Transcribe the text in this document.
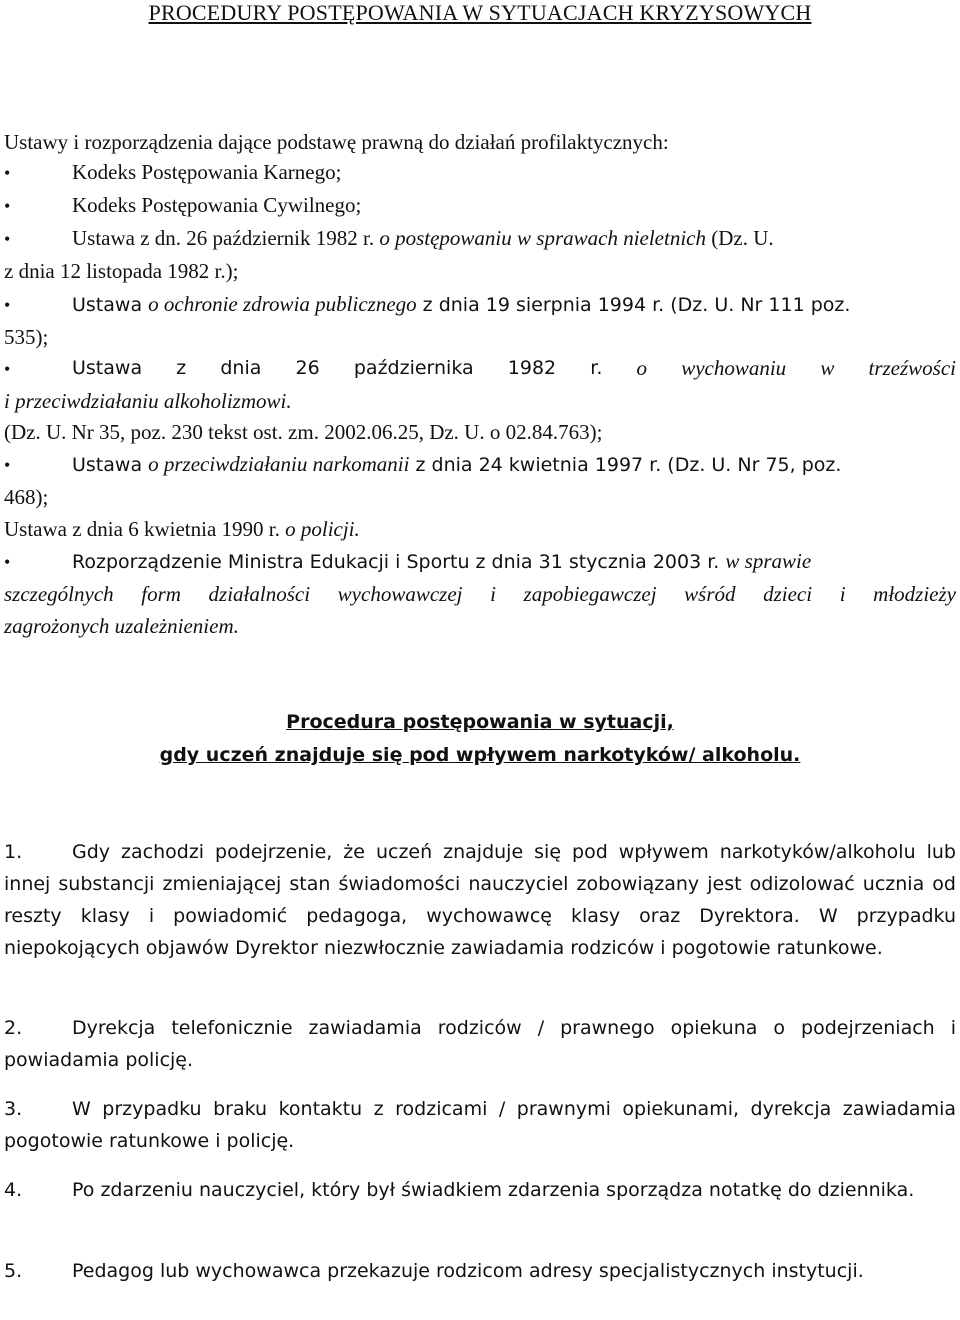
PROCEDURY POSTĘPOWANIA W SYTUACJACH KRYZYSOWYCH
Ustawy i rozporządzenia dające podstawę prawną do działań profilaktycznych:
•	Kodeks Postępowania Karnego;
•	Kodeks Postępowania Cywilnego;
•	Ustawa z dn. 26 październik 1982 r. o postępowaniu w sprawach nieletnich (Dz. U.
z dnia 12 listopada 1982 r.);
•	Ustawa o ochronie zdrowia publicznego z dnia 19 sierpnia 1994 r. (Dz. U. Nr 111 poz.
535);
•	Ustawa z dnia 26 października 1982 r. o wychowaniu w trzeźwości
i przeciwdziałaniu alkoholizmowi.
(Dz. U. Nr 35, poz. 230 tekst ost. zm. 2002.06.25, Dz. U. o 02.84.763);
•	Ustawa o przeciwdziałaniu narkomanii z dnia 24 kwietnia 1997 r. (Dz. U. Nr 75, poz.
468);
Ustawa z dnia 6 kwietnia 1990 r. o policji.
•	Rozporządzenie Ministra Edukacji i Sportu z dnia 31 stycznia 2003 r. w sprawie
szczególnych form działalności wychowawczej i zapobiegawczej wśród dzieci i młodzieży
zagrożonych uzależnieniem.
Procedura postępowania w sytuacji,
gdy uczeń znajduje się pod wpływem narkotyków/ alkoholu.
1.	Gdy zachodzi podejrzenie, że uczeń znajduje się pod wpływem narkotyków/alkoholu lub innej substancji zmieniającej stan świadomości nauczyciel zobowiązany jest odizolować ucznia od reszty klasy i powiadomić pedagoga, wychowawcę klasy oraz Dyrektora. W przypadku niepokojących objawów Dyrektor niezwłocznie zawiadamia rodziców i pogotowie ratunkowe.
2.	Dyrekcja telefonicznie zawiadamia rodziców / prawnego opiekuna o podejrzeniach i powiadamia policję.
3.	W przypadku braku kontaktu z rodzicami / prawnymi opiekunami, dyrekcja zawiadamia pogotowie ratunkowe i policję.
4.	Po zdarzeniu nauczyciel, który był świadkiem zdarzenia sporządza notatkę do dziennika.
5.	Pedagog lub wychowawca przekazuje rodzicom adresy specjalistycznych instytucji.
